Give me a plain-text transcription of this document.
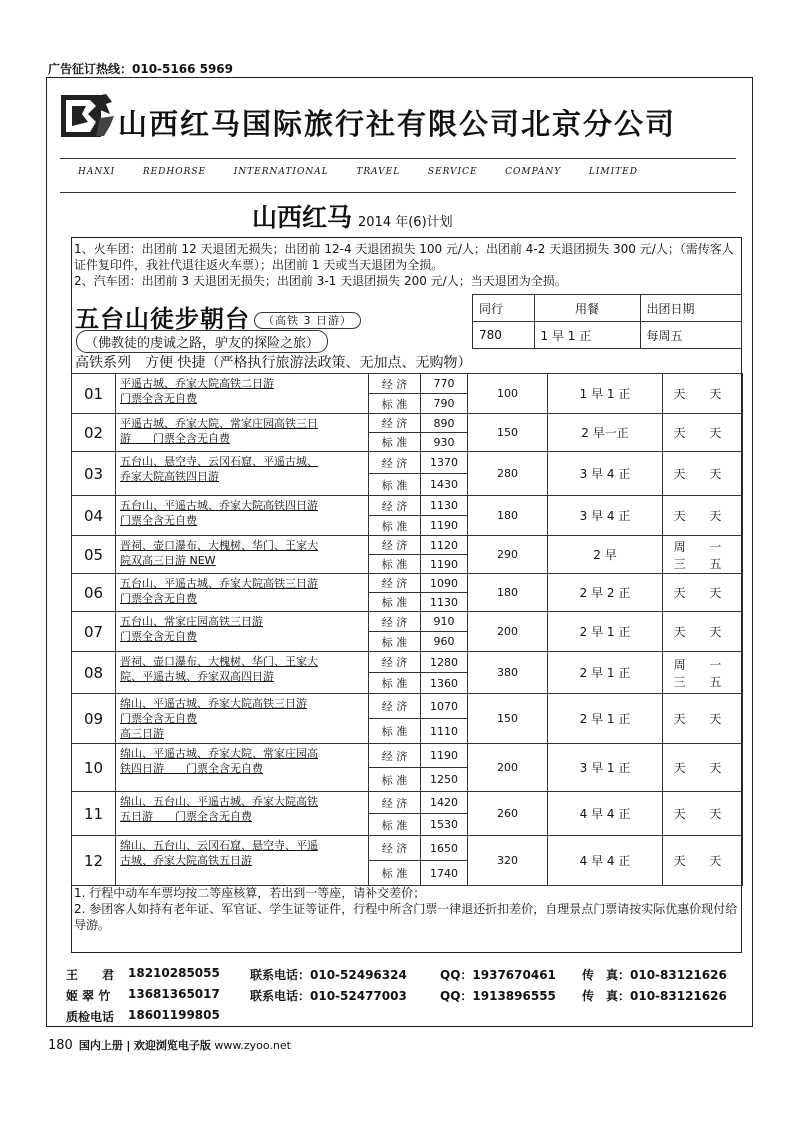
广告征订热线：010-5166 5969
山西红马国际旅行社有限公司北京分公司
HANXI	REDHORSE	INTERNATIONAL	TRAVEL	SERVICE	COMPANY	LIMITED
山西红马 2014 年(6)计划
1、火车团：出团前 12 天退团无损失；出团前 12-4 天退团损失 100 元/人；出团前 4-2 天退团损失 300 元/人；（需传客人证件复印件，我社代退往返火车票）；出团前 1 天或当天退团为全损。
2、汽车团：出团前 3 天退团无损失；出团前 3-1 天退团损失 200 元/人；当天退团为全损。
五台山徒步朝台 （高铁 3 日游）
（佛教徒的虔诚之路，驴友的探险之旅）
同行	用餐	出团日期
780	1 早 1 正	每周五
高铁系列　方便 快捷（严格执行旅游法政策、无加点、无购物）
01	平遥古城、乔家大院高铁二日游
门票全含无自费	经 济	770	100	1 早 1 正	天 天

		标 准	790			
02	平遥古城、乔家大院、常家庄园高铁三日
游　　门票全含无自费	经 济	890	150	2 早一正	天 天

		标 准	930			
03	五台山、悬空寺、云冈石窟、平遥古城、
乔家大院高铁四日游	经 济	1370	280	3 早 4 正	天 天

		标 准	1430			
04	五台山、平遥古城、乔家大院高铁四日游
门票全含无自费	经 济	1130	180	3 早 4 正	天 天

		标 准	1190			
05	晋祠、壶口瀑布、大槐树、华门、王家大
院双高三日游 NEW	经 济	1120	290	2 早	周 一
三 五

		标 准	1190			
06	五台山、平遥古城、乔家大院高铁三日游
门票全含无自费	经 济	1090	180	2 早 2 正	天 天

		标 准	1130			
07	五台山、常家庄园高铁三日游
门票全含无自费	经 济	910	200	2 早 1 正	天 天

		标 准	960			
08	晋祠、壶口瀑布、大槐树、华门、王家大
院、平遥古城、乔家双高四日游	经 济	1280	380	2 早 1 正	周 一
三 五

		标 准	1360			
09	绵山、平遥古城、乔家大院高铁三日游
门票全含无自费
高三日游	经 济	1070	150	2 早 1 正	天 天

		标 准	1110			
10	绵山、平遥古城、乔家大院、常家庄园高
铁四日游　　门票全含无自费	经 济	1190	200	3 早 1 正	天 天

		标 准	1250			
11	绵山、五台山、平遥古城、乔家大院高铁
五日游　　门票全含无自费	经 济	1420	260	4 早 4 正	天 天

		标 准	1530			
12	绵山、五台山、云冈石窟、悬空寺、平遥
古城、乔家大院高铁五日游	经 济	1650	320	4 早 4 正	天 天

		标 准	1740			
1. 行程中动车车票均按二等座核算，若出到一等座，请补交差价；
2. 参团客人如持有老年证、军官证、学生证等证件，行程中所含门票一律退还折扣差价，自理景点门票请按实际优惠价现付给导游。
王　　君 18210285055	联系电话：010-52496324	QQ：1937670461 传　真：010-83121626
姬 翠 竹 13681365017	联系电话：010-52477003	QQ：1913896555 传　真：010-83121626
质检电话 18601199805
180 国内上册 | 欢迎浏览电子版 www.zyoo.net
